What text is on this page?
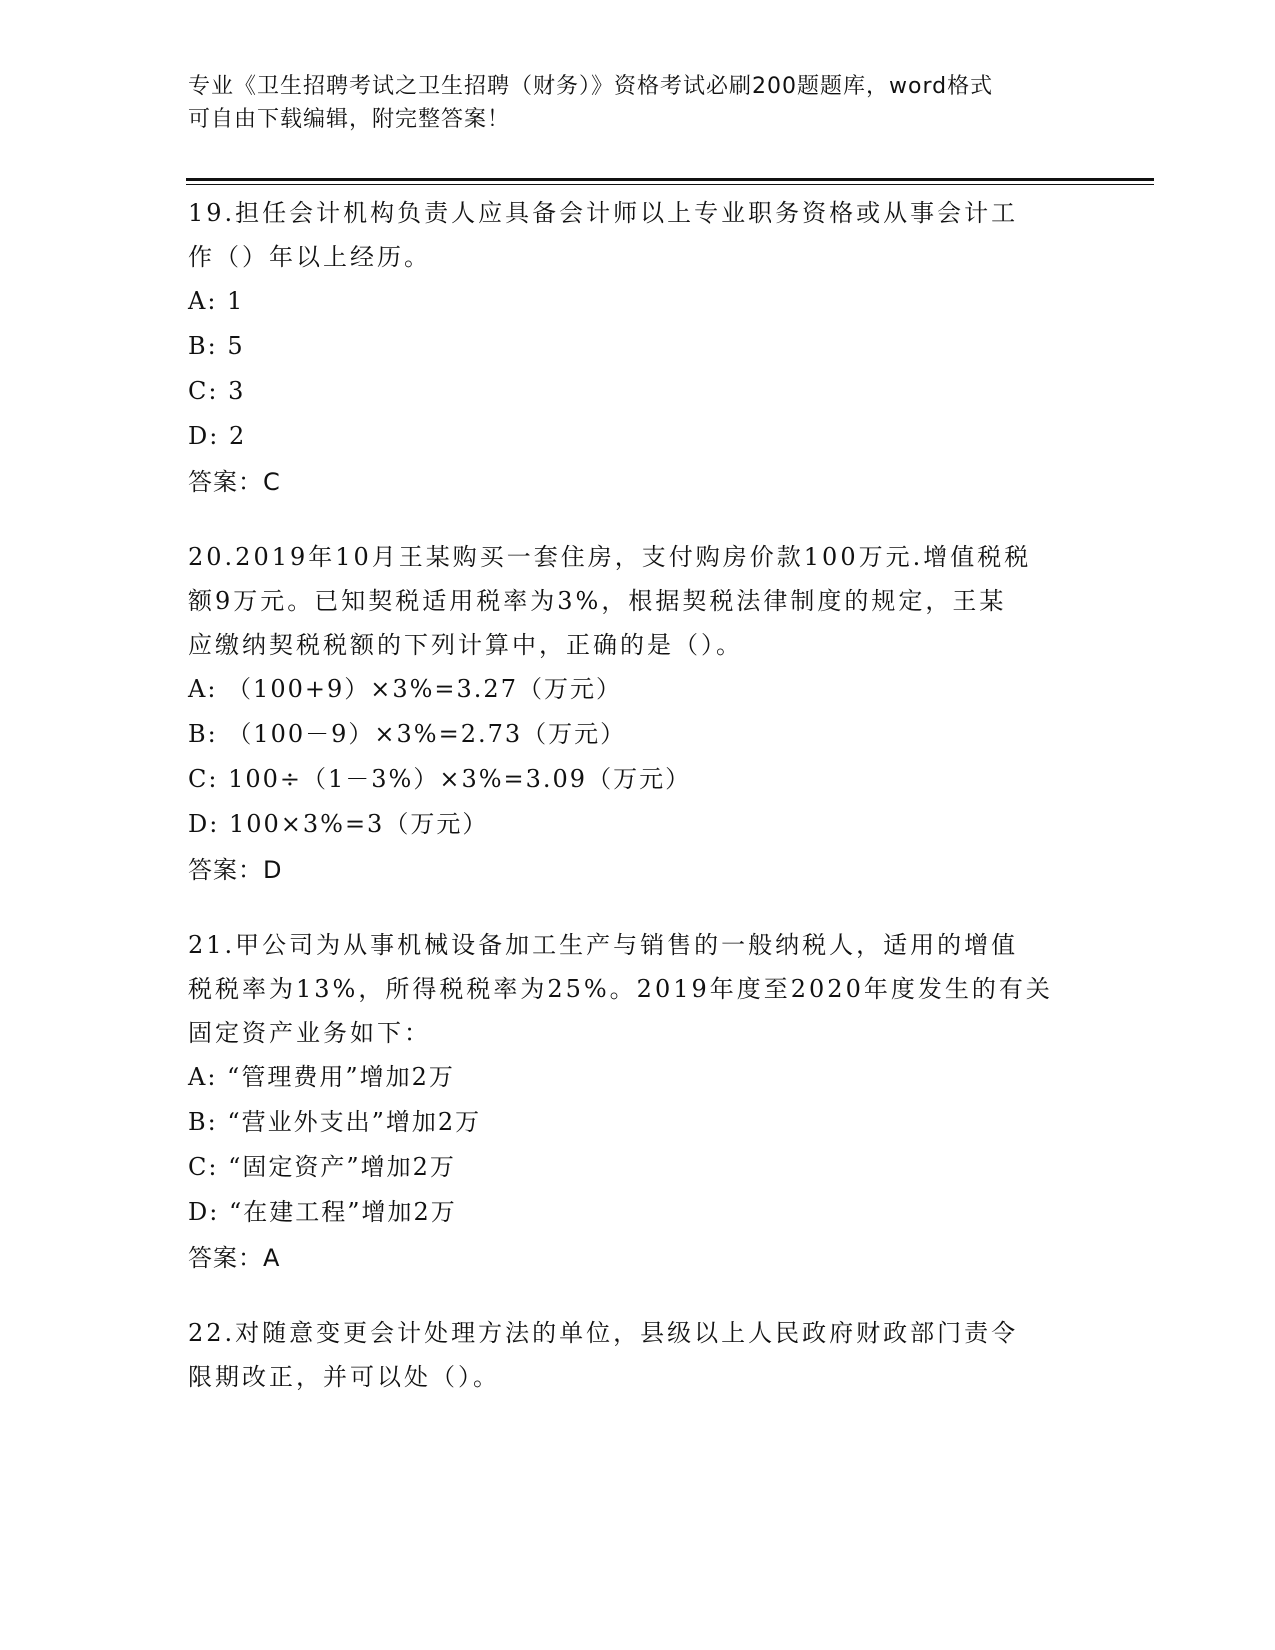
专业《卫生招聘考试之卫生招聘（财务）》资格考试必刷200题题库，word格式
可自由下载编辑，附完整答案！

19.担任会计机构负责人应具备会计师以上专业职务资格或从事会计工

作（）年以上经历。

A: 1

B: 5

C: 3

D: 2

答案：C

20.2019年10月王某购买一套住房，支付购房价款100万元.增值税税

额9万元。已知契税适用税率为3%，根据契税法律制度的规定，王某

应缴纳契税税额的下列计算中，正确的是（）。

A: （100+9）×3%=3.27（万元）

B: （100－9）×3%=2.73（万元）

C: 100÷（1－3%）×3%=3.09（万元）

D: 100×3%=3（万元）

答案：D

21.甲公司为从事机械设备加工生产与销售的一般纳税人，适用的增值

税税率为13%，所得税税率为25%。2019年度至2020年度发生的有关

固定资产业务如下：

A: “管理费用”增加2万

B: “营业外支出”增加2万

C: “固定资产”增加2万

D: “在建工程”增加2万

答案：A

22.对随意变更会计处理方法的单位，县级以上人民政府财政部门责令

限期改正，并可以处（）。
